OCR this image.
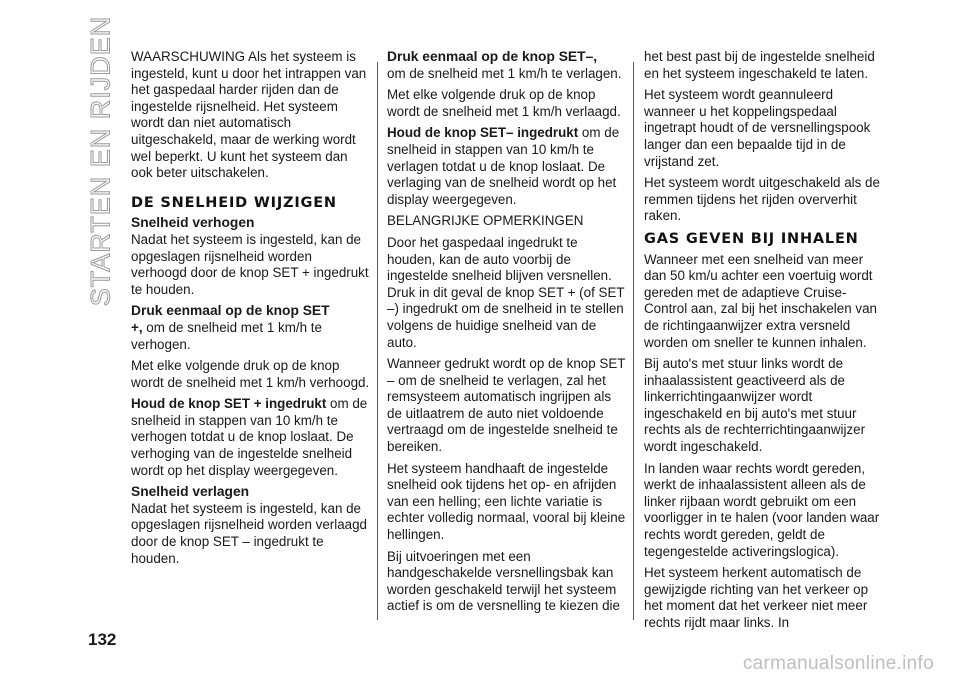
STARTEN EN RIJDEN WAARSCHUWING Als het systeem is ingesteld, kunt u door het intrappen van het gaspedaal harder rijden dan de ingestelde rijsnelheid. Het systeem wordt dan niet automatisch uitgeschakeld, maar de werking wordt wel beperkt. U kunt het systeem dan ook beter uitschakelen.

DE SNELHEID WIJZIGEN
Snelheid verhogen

Nadat het systeem is ingesteld, kan de opgeslagen rijsnelheid worden verhoogd door de knop SET + ingedrukt te houden.

Druk eenmaal op de knop SET

+, om de snelheid met 1 km/h te verhogen.

Met elke volgende druk op de knop wordt de snelheid met 1 km/h verhoogd.

Houd de knop SET + ingedrukt om de snelheid in stappen van 10 km/h te verhogen totdat u de knop loslaat. De verhoging van de ingestelde snelheid wordt op het display weergegeven.

Snelheid verlagen

Nadat het systeem is ingesteld, kan de opgeslagen rijsnelheid worden verlaagd door de knop SET – ingedrukt te houden.

Druk eenmaal op de knop SET–,

om de snelheid met 1 km/h te verlagen.

Met elke volgende druk op de knop wordt de snelheid met 1 km/h verlaagd.

Houd de knop SET– ingedrukt om de snelheid in stappen van 10 km/h te verlagen totdat u de knop loslaat. De verlaging van de snelheid wordt op het display weergegeven.

BELANGRIJKE OPMERKINGEN

Door het gaspedaal ingedrukt te houden, kan de auto voorbij de ingestelde snelheid blijven versnellen. Druk in dit geval de knop SET + (of SET –) ingedrukt om de snelheid in te stellen volgens de huidige snelheid van de auto.

Wanneer gedrukt wordt op de knop SET – om de snelheid te verlagen, zal het remsysteem automatisch ingrijpen als de uitlaatrem de auto niet voldoende vertraagd om de ingestelde snelheid te bereiken.

Het systeem handhaaft de ingestelde snelheid ook tijdens het op- en afrijden van een helling; een lichte variatie is echter volledig normaal, vooral bij kleine hellingen.

Bij uitvoeringen met een handgeschakelde versnellingsbak kan worden geschakeld terwijl het systeem actief is om de versnelling te kiezen die

het best past bij de ingestelde snelheid en het systeem ingeschakeld te laten.

Het systeem wordt geannuleerd wanneer u het koppelingspedaal ingetrapt houdt of de versnellingspook langer dan een bepaalde tijd in de vrijstand zet.

Het systeem wordt uitgeschakeld als de remmen tijdens het rijden oververhit raken.

GAS GEVEN BIJ INHALEN

Wanneer met een snelheid van meer dan 50 km/u achter een voertuig wordt gereden met de adaptieve Cruise-Control aan, zal bij het inschakelen van de richtingaanwijzer extra versneld worden om sneller te kunnen inhalen.

Bij auto's met stuur links wordt de inhaalassistent geactiveerd als de linkerrichtingaanwijzer wordt ingeschakeld en bij auto's met stuur rechts als de rechterrichtingaanwijzer wordt ingeschakeld.

In landen waar rechts wordt gereden, werkt de inhaalassistent alleen als de linker rijbaan wordt gebruikt om een voorligger in te halen (voor landen waar rechts wordt gereden, geldt de tegengestelde activeringslogica).

Het systeem herkent automatisch de gewijzigde richting van het verkeer op het moment dat het verkeer niet meer rechts rijdt maar links. In

132
carmanualsonline.info
